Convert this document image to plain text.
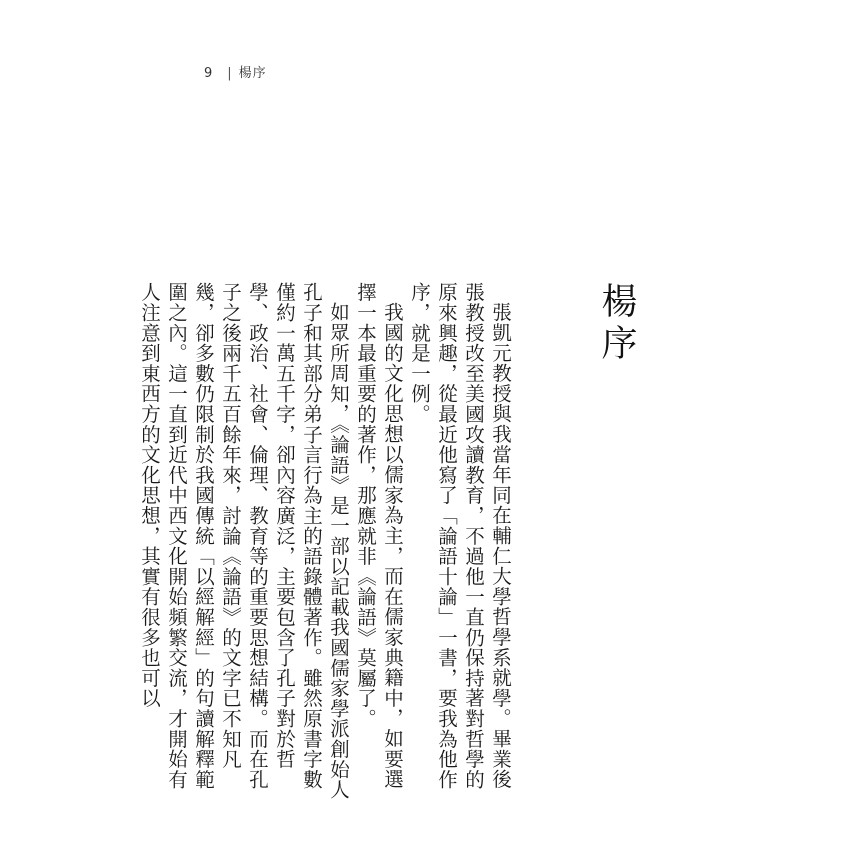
9 | 楊序
楊序

張凱元教授與我當年同在輔仁大學哲學系就學。畢業後張教授改至美國攻讀教育，不過他一直仍保持著對哲學的原來興趣，從最近他寫了「論語十論」一書，要我為他作序，就是一例。

我國的文化思想以儒家為主，而在儒家典籍中，如要選擇一本最重要的著作，那應就非《論語》莫屬了。

如眾所周知，《論語》是一部以記載我國儒家學派創始人孔子和其部分弟子言行為主的語錄體著作。雖然原書字數僅約一萬五千字，卻內容廣泛，主要包含了孔子對於哲學、政治、社會、倫理、教育等的重要思想結構。而在孔子之後兩千五百餘年來，討論《論語》的文字已不知凡幾，卻多數仍限制於我國傳統「以經解經」的句讀解釋範圍之內。這一直到近代中西文化開始頻繁交流，才開始有人注意到東西方的文化思想，其實有很多也可以
